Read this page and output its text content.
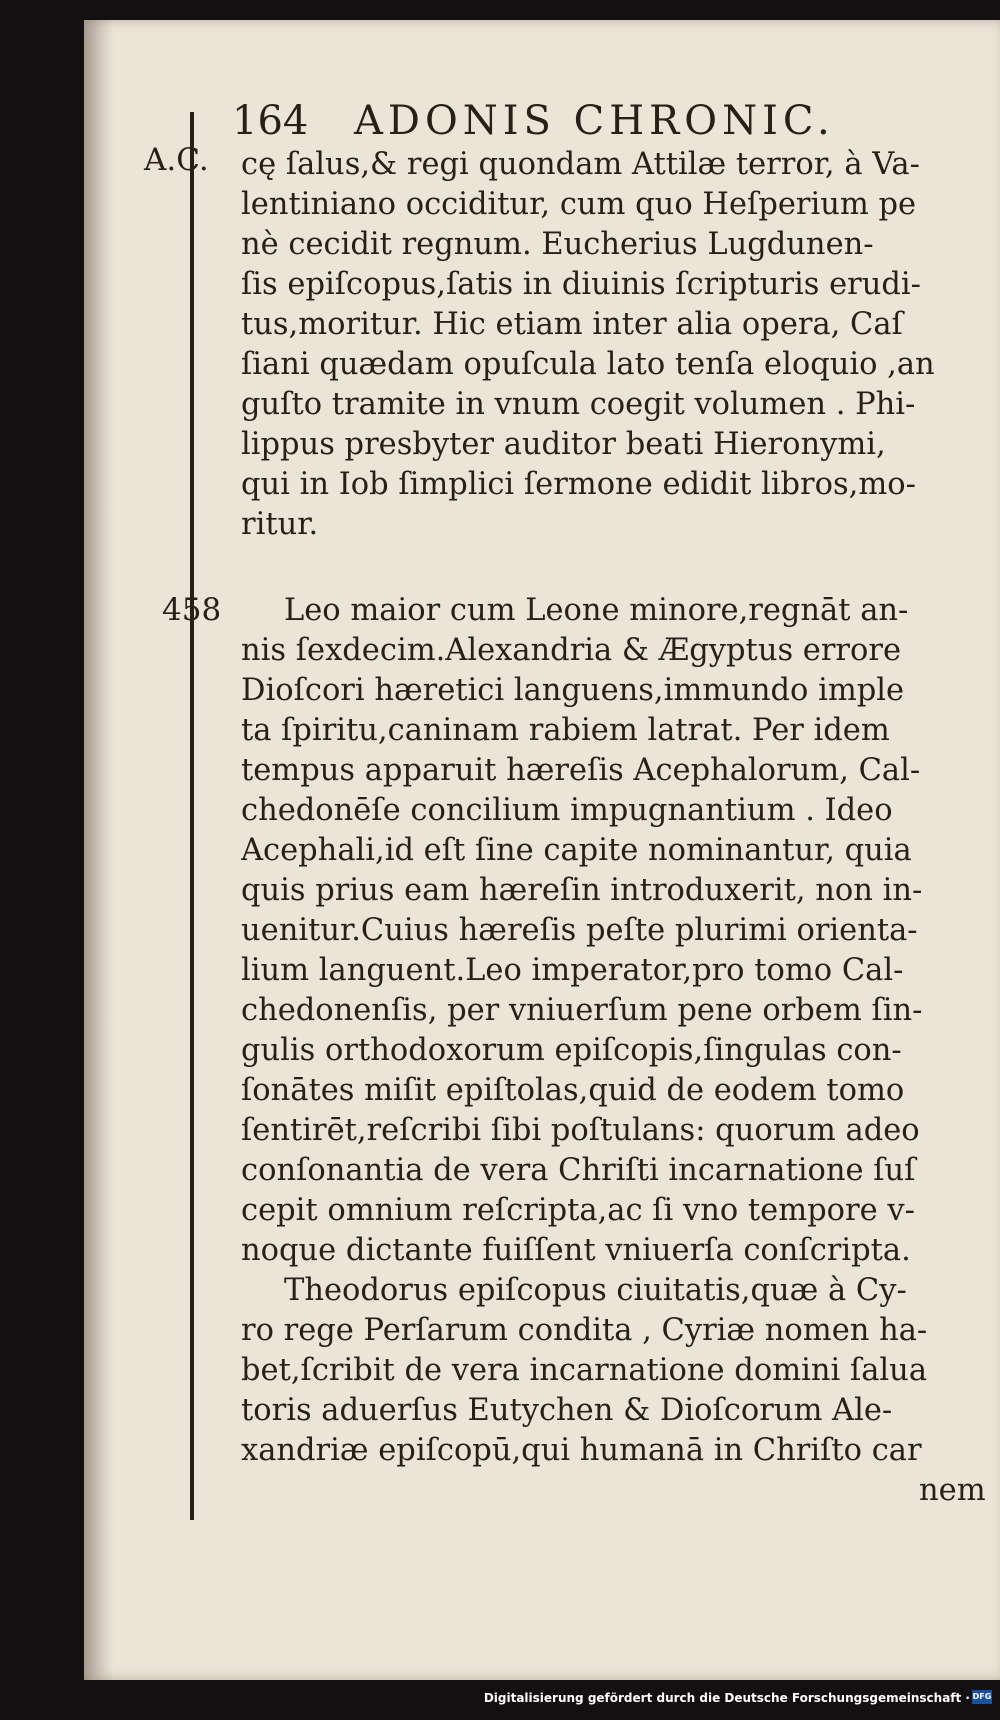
164 ADONIS CHRONIC.
A.C.
458
cę ſalus,& regi quondam Attilæ terror, à Va-
lentiniano occiditur, cum quo Heſperium pe
nè cecidit regnum. Eucherius Lugdunen-
ſis epiſcopus,ſatis in diuinis ſcripturis erudi-
tus,moritur. Hic etiam inter alia opera, Caſ
ſiani quædam opuſcula lato tenſa eloquio ,an
guſto tramite in vnum coegit volumen . Phi-
lippus presbyter auditor beati Hieronymi,
qui in Iob ſimplici ſermone edidit libros,mo-
ritur.
Leo maior cum Leone minore,regnāt an-
nis ſexdecim.Alexandria & Ægyptus errore
Dioſcori hæretici languens,immundo imple
ta ſpiritu,caninam rabiem latrat. Per idem
tempus apparuit hæreſis Acephalorum, Cal-
chedonēſe concilium impugnantium . Ideo
Acephali,id eſt ſine capite nominantur, quia
quis prius eam hæreſin introduxerit, non in-
uenitur.Cuius hæreſis peſte plurimi orienta-
lium languent.Leo imperator,pro tomo Cal-
chedonenſis, per vniuerſum pene orbem ſin-
gulis orthodoxorum epiſcopis,ſingulas con-
ſonātes miſit epiſtolas,quid de eodem tomo
ſentirēt,reſcribi ſibi poſtulans: quorum adeo
conſonantia de vera Chriſti incarnatione ſuſ
cepit omnium reſcripta,ac ſi vno tempore v-
noque dictante fuiſſent vniuerſa conſcripta.
Theodorus epiſcopus ciuitatis,quæ à Cy-
ro rege Perſarum condita , Cyriæ nomen ha-
bet,ſcribit de vera incarnatione domini ſalua
toris aduerſus Eutychen & Dioſcorum Ale-
xandriæ epiſcopū,qui humanā in Chriſto car
nem
Digitalisierung gefördert durch die Deutsche Forschungsgemeinschaft · DFG
